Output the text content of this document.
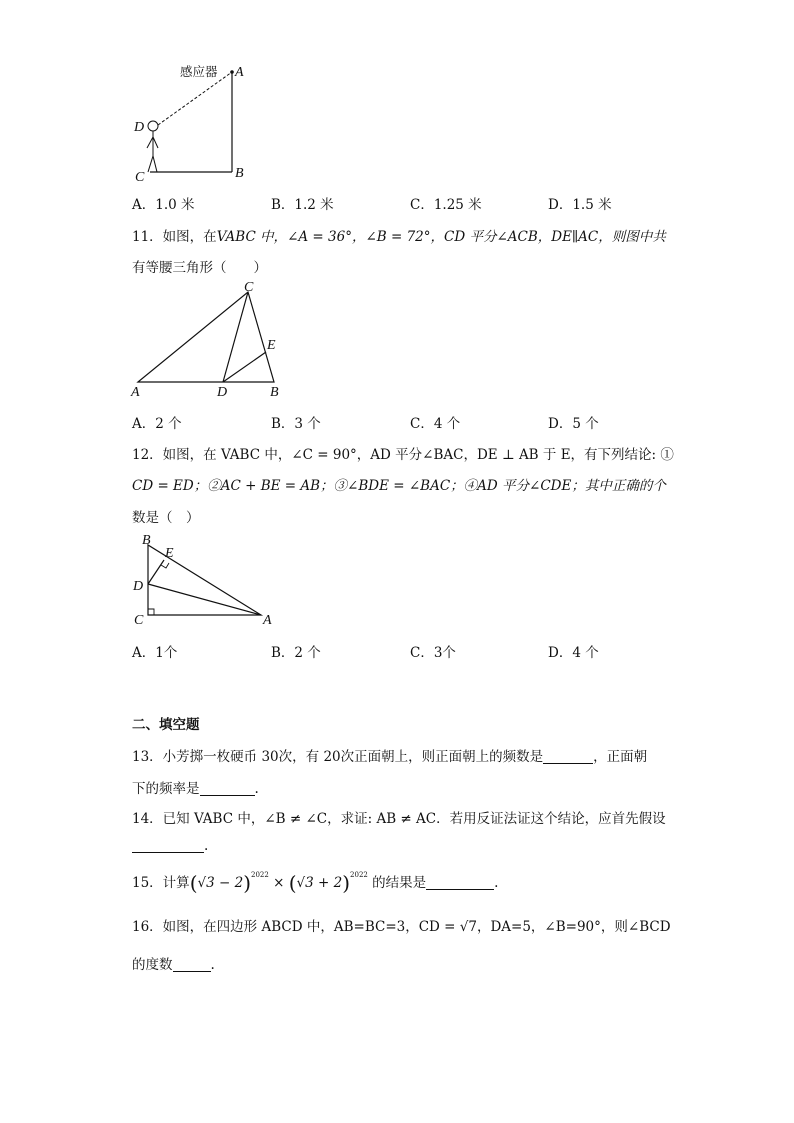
感应器 A
B
C
D
A．1.0 米	B．1.2 米	C．1.25 米	D．1.5 米
11．如图，在VABC 中，∠A = 36°，∠B = 72°，CD 平分∠ACB，DE∥AC，则图中共
有等腰三角形（　　）
A	B
C
D
E
A．2 个	B．3 个	C．4 个	D．5 个
12．如图，在 VABC 中，∠C = 90°，AD 平分∠BAC，DE ⊥ AB 于 E，有下列结论: ①
CD = ED；②AC + BE = AB；③∠BDE = ∠BAC；④AD 平分∠CDE；其中正确的个
数是（　）
B
E
D
C	A
A．1个	B．2 个	C．3个	D．4 个
二、填空题
13．小芳掷一枚硬币 30次，有 20次正面朝上，则正面朝上的频数是	，正面朝
下的频率是	.
14．已知 VABC 中，∠B ≠ ∠C，求证: AB ≠ AC．若用反证法证这个结论，应首先假设
.
15．计算$(√3 - 2)^{2022} \times (√3 + 2)^{2022}$ 的结果是	.
16．如图，在四边形 ABCD 中，AB=BC=3，CD = √7，DA=5，∠B=90°，则∠BCD
的度数	.
